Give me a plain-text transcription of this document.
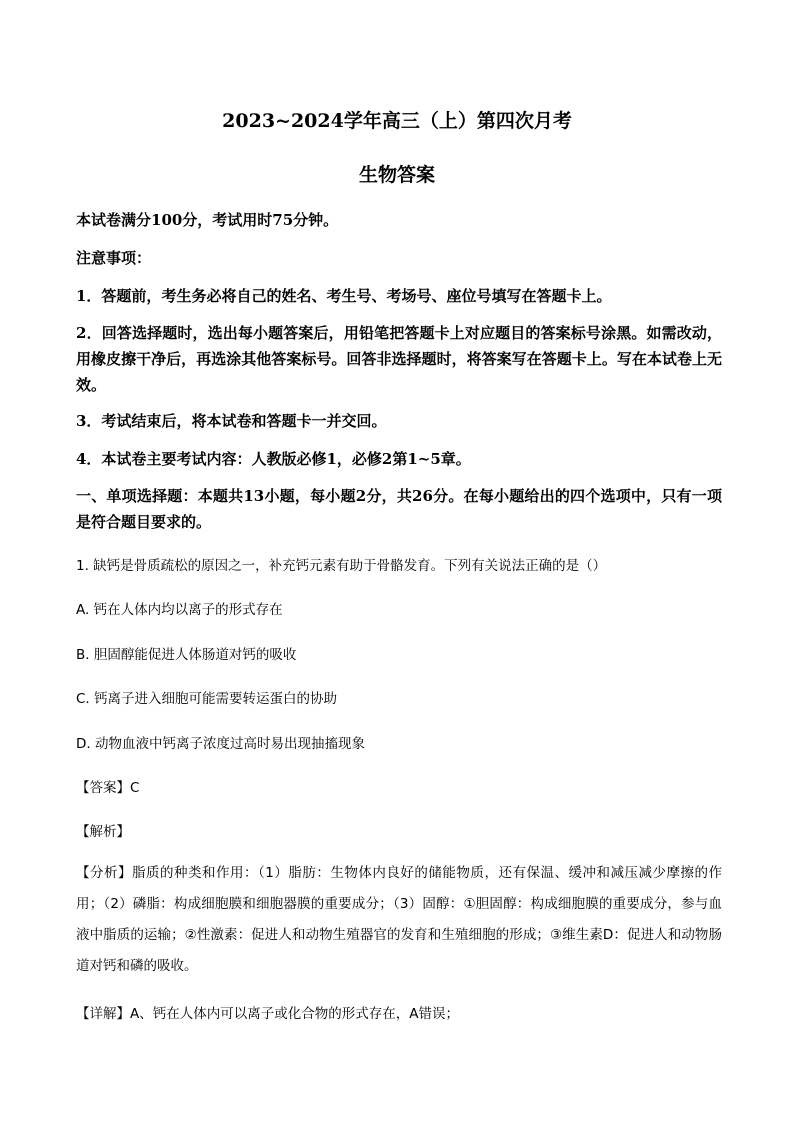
2023~2024学年高三（上）第四次月考
生物答案
本试卷满分100分，考试用时75分钟。
注意事项：
1．答题前，考生务必将自己的姓名、考生号、考场号、座位号填写在答题卡上。
2．回答选择题时，选出每小题答案后，用铅笔把答题卡上对应题目的答案标号涂黑。如需改动，用橡皮擦干净后，再选涂其他答案标号。回答非选择题时，将答案写在答题卡上。写在本试卷上无效。
3．考试结束后，将本试卷和答题卡一并交回。
4．本试卷主要考试内容：人教版必修1，必修2第1~5章。
一、单项选择题：本题共13小题，每小题2分，共26分。在每小题给出的四个选项中，只有一项是符合题目要求的。
1. 缺钙是骨质疏松的原因之一，补充钙元素有助于骨骼发育。下列有关说法正确的是（）
A. 钙在人体内均以离子的形式存在
B. 胆固醇能促进人体肠道对钙的吸收
C. 钙离子进入细胞可能需要转运蛋白的协助
D. 动物血液中钙离子浓度过高时易出现抽搐现象
【答案】C
【解析】
【分析】脂质的种类和作用：（1）脂肪：生物体内良好的储能物质，还有保温、缓冲和减压减少摩擦的作用；（2）磷脂：构成细胞膜和细胞器膜的重要成分；（3）固醇：①胆固醇：构成细胞膜的重要成分，参与血液中脂质的运输；②性激素：促进人和动物生殖器官的发育和生殖细胞的形成；③维生素D：促进人和动物肠道对钙和磷的吸收。
【详解】A、钙在人体内可以离子或化合物的形式存在，A错误；
